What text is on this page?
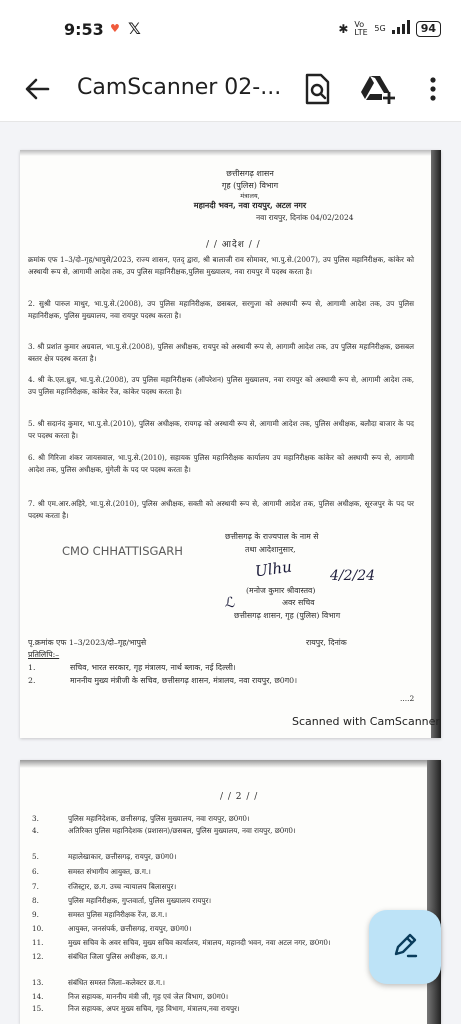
9:53 ♥ 𝕏	✱ Vo LTE 5G	94
CamScanner 02-...
छत्तीसगढ़ शासन
गृह (पुलिस) विभाग
मंत्रालय,
महानदी भवन, नवा रायपुर, अटल नगर
नवा रायपुर, दिनांक 04/02/2024
/ / आदेश / /
क्रमांक एफ 1–3/दो–गृह/भापुसे/2023, राज्य शासन, एतद् द्वारा, श्री बालाजी राव सोमावर, भा.पु.से.(2007), उप पुलिस महानिरीक्षक, कांकेर को अस्थायी रूप से, आगामी आदेश तक, उप पुलिस महानिरीक्षक,पुलिस मुख्यालय, नवा रायपुर में पदस्थ करता है।
2. सुश्री पारुल माथुर, भा.पु.से.(2008), उप पुलिस महानिरीक्षक, छसबल, सरगुजा को अस्थायी रूप से, आगामी आदेश तक, उप पुलिस महानिरीक्षक, पुलिस मुख्यालय, नवा रायपुर पदस्थ करता है।
3. श्री प्रशांत कुमार अग्रवाल, भा.पु.से.(2008), पुलिस अधीक्षक, रायपुर को अस्थायी रूप से, आगामी आदेश तक, उप पुलिस महानिरीक्षक, छसबल बस्तर क्षेत्र पदस्थ करता है।
4. श्री के.एल.ध्रुव, भा.पु.से.(2008), उप पुलिस महानिरीक्षक (ऑपरेशन) पुलिस मुख्यालय, नवा रायपुर को अस्थायी रूप से, आगामी आदेश तक, उप पुलिस महानिरीक्षक, कांकेर रेंज, कांकेर पदस्थ करता है।
5. श्री सदानंद कुमार, भा.पु.से.(2010), पुलिस अधीक्षक, रायगढ़ को अस्थायी रूप से, आगामी आदेश तक, पुलिस अधीक्षक, बलौदा बाजार के पद पर पदस्थ करता है।
6. श्री गिरिजा शंकर जायसवाल, भा.पु.से.(2010), सहायक पुलिस महानिरीक्षक कार्यालय उप महानिरीक्षक कांकेर को अस्थायी रूप से, आगामी आदेश तक, पुलिस अधीक्षक, मुंगेली के पद पर पदस्थ करता है।
7. श्री एम.आर.अहिरे, भा.पु.से.(2010), पुलिस अधीक्षक, सक्ती को अस्थायी रूप से, आगामी आदेश तक, पुलिस अधीक्षक, सूरजपुर के पद पर पदस्थ करता है।
CMO CHHATTISGARH
छत्तीसगढ़ के राज्यपाल के नाम से
तथा आदेशानुसार,
Ulhu	4/2/24
(मनोज कुमार श्रीवास्तव)
ℒ	अवर सचिव
छत्तीसगढ़ शासन, गृह (पुलिस) विभाग
पृ.क्रमांक एफ 1–3/2023/दो–गृह/भापुसे	रायपुर, दिनांक
प्रतिलिपि:–
1.	सचिव, भारत सरकार, गृह मंत्रालय, नार्थ ब्लाक, नई दिल्ली।
2.	माननीय मुख्य मंत्रीजी के सचिव, छत्तीसगढ़ शासन, मंत्रालय, नवा रायपुर, छ0ग0।
....2
Scanned with CamScanner
/ / 2 / /
3.	पुलिस महानिदेशक, छत्तीसगढ़, पुलिस मुख्यालय, नवा रायपुर, छ0ग0।
4.	अतिरिक्त पुलिस महानिदेशक (प्रशासन)/छसबल, पुलिस मुख्यालय, नवा रायपुर, छ0ग0।
5.	महालेखाकार, छत्तीसगढ़, रायपुर, छ0ग0।
6.	समस्त संभागीय आयुक्त, छ.ग.।
7.	रजिस्ट्रार, छ.ग. उच्च न्यायालय बिलासपुर।
8.	पुलिस महानिरीक्षक, गुप्तवार्ता, पुलिस मुख्यालय रायपुर।
9.	समस्त पुलिस महानिरीक्षक रेंज, छ.ग.।
10.	आयुक्त, जनसंपर्क, छत्तीसगढ़, रायपुर, छ0ग0।
11.	मुख्य सचिव के अवर सचिव, मुख्य सचिव कार्यालय, मंत्रालय, महानदी भवन, नवा अटल नगर, छ0ग0।
12.	संबंधित जिला पुलिस अधीक्षक, छ.ग.।
13.	संबंधित समस्त जिला–कलेक्टर छ.ग.।
14.	निज सहायक, माननीय मंत्री जी, गृह एवं जेल विभाग, छ0ग0।
15.	निज सहायक, अपर मुख्य सचिव, गृह विभाग, मंत्रालय,नवा रायपुर।
